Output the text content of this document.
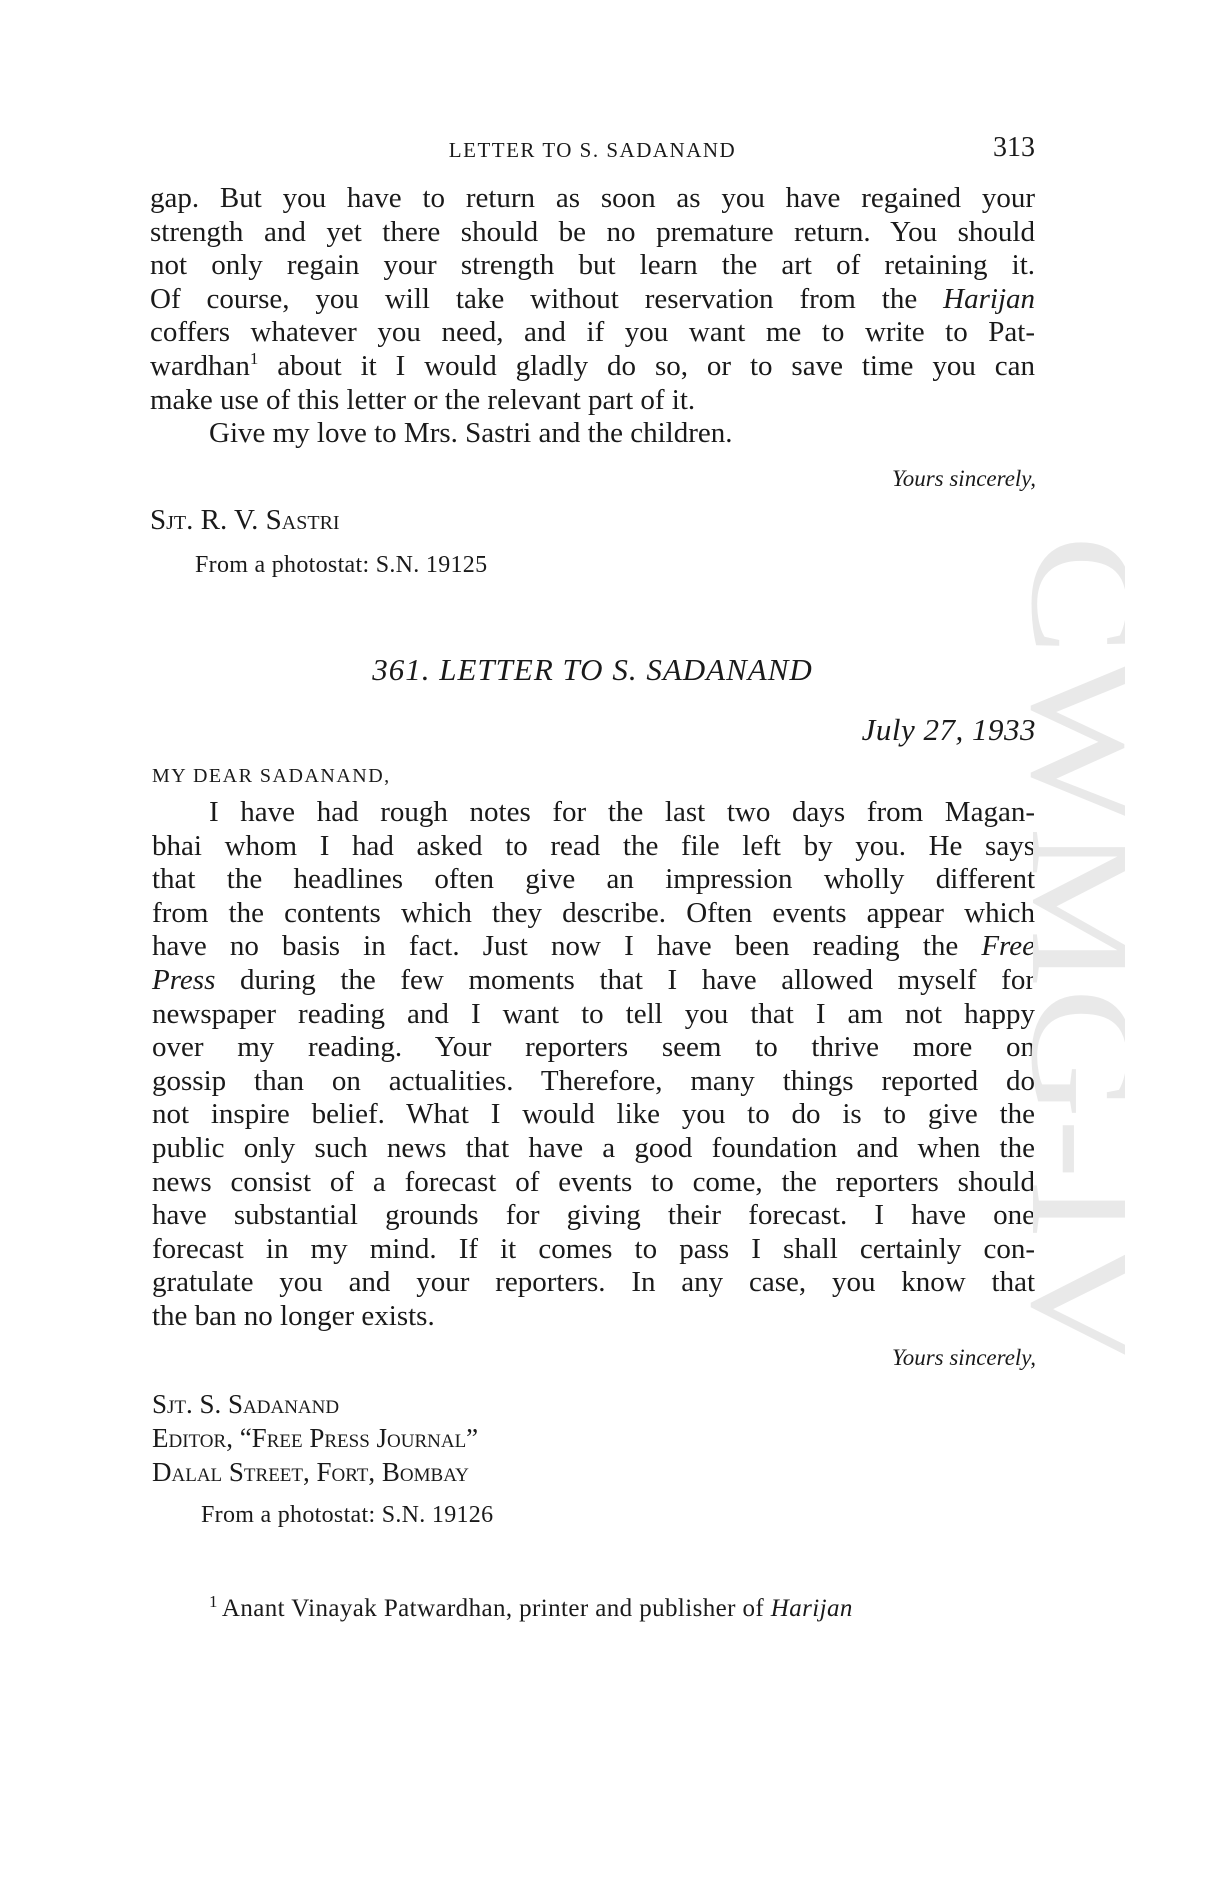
LETTER TO S. SADANAND	313
gap. But you have to return as soon as you have regained your
strength and yet there should be no premature return. You should
not only regain your strength but learn the art of retaining it.
Of course, you will take without reservation from the Harijan
coffers whatever you need, and if you want me to write to Pat-
wardhan$^1$ about it I would gladly do so, or to save time you can
make use of this letter or the relevant part of it.
Give my love to Mrs. Sastri and the children.
Yours sincerely,
Sjt. R. V. Sastri
From a photostat: S.N. 19125
361. LETTER TO S. SADANAND
July 27, 1933
MY DEAR SADANAND,
I have had rough notes for the last two days from Magan-
bhai whom I had asked to read the file left by you. He says
that the headlines often give an impression wholly different
from the contents which they describe. Often events appear which
have no basis in fact. Just now I have been reading the Free
Press during the few moments that I have allowed myself for
newspaper reading and I want to tell you that I am not happy
over my reading. Your reporters seem to thrive more on
gossip than on actualities. Therefore, many things reported do
not inspire belief. What I would like you to do is to give the
public only such news that have a good foundation and when the
news consist of a forecast of events to come, the reporters should
have substantial grounds for giving their forecast. I have one
forecast in my mind. If it comes to pass I shall certainly con-
gratulate you and your reporters. In any case, you know that
the ban no longer exists.
Yours sincerely,
Sjt. S. Sadanand
Editor, “Free Press Journal”
Dalal Street, Fort, Bombay
From a photostat: S.N. 19126
$^1$ Anant Vinayak Patwardhan, printer and publisher of Harijan
CWMG-IV
